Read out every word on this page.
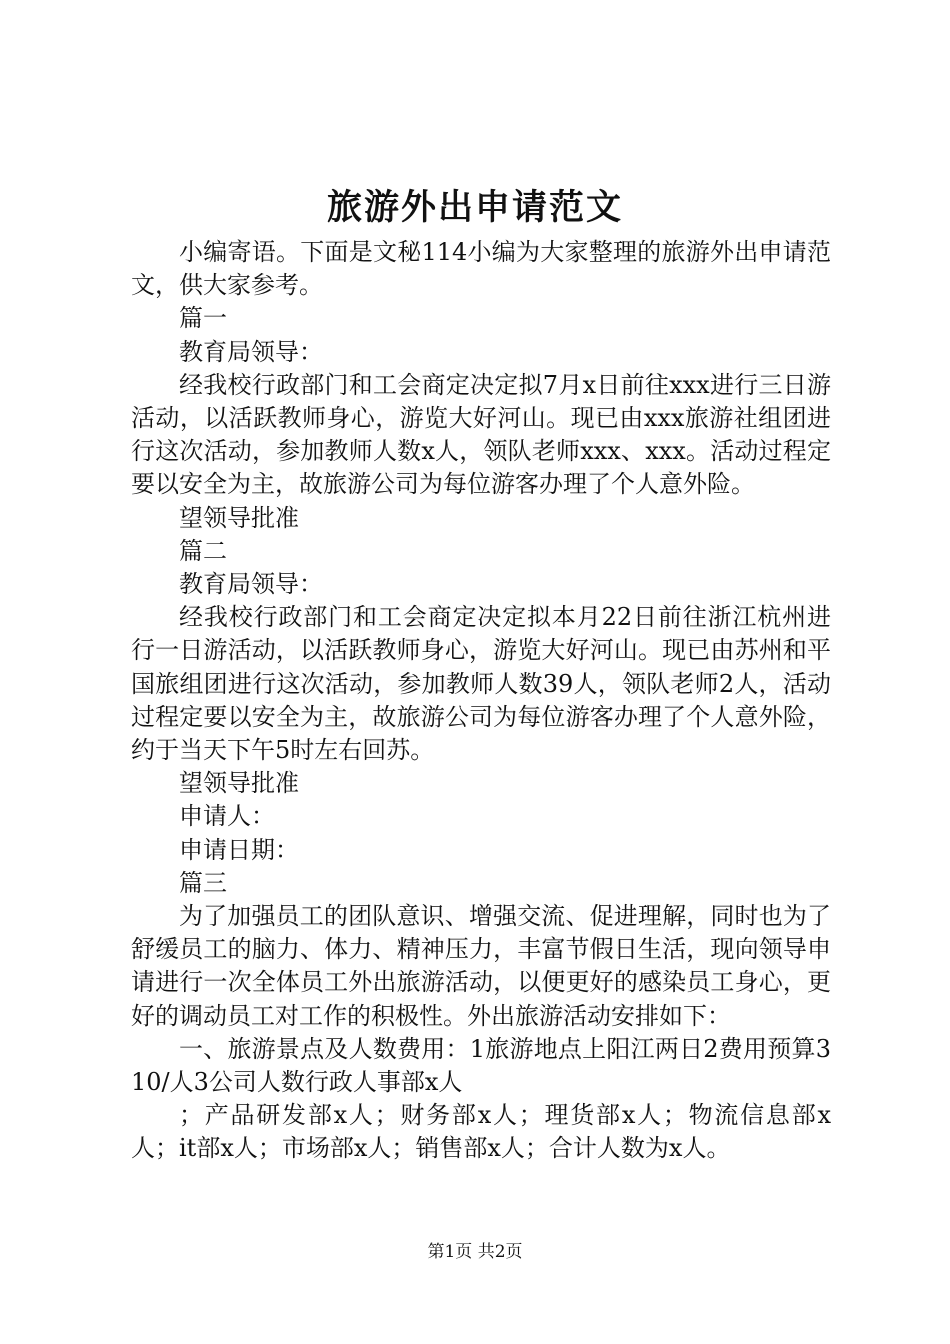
旅游外出申请范文

小编寄语。下面是文秘114小编为大家整理的旅游外出申请范文，供大家参考。

篇一

教育局领导：

经我校行政部门和工会商定决定拟7月x日前往xxx进行三日游活动，以活跃教师身心，游览大好河山。现已由xxx旅游社组团进行这次活动，参加教师人数x人，领队老师xxx、xxx。活动过程定要以安全为主，故旅游公司为每位游客办理了个人意外险。

望领导批准

篇二

教育局领导：

经我校行政部门和工会商定决定拟本月22日前往浙江杭州进行一日游活动，以活跃教师身心，游览大好河山。现已由苏州和平国旅组团进行这次活动，参加教师人数39人，领队老师2人，活动过程定要以安全为主，故旅游公司为每位游客办理了个人意外险，约于当天下午5时左右回苏。

望领导批准

申请人：

申请日期：

篇三

为了加强员工的团队意识、增强交流、促进理解，同时也为了舒缓员工的脑力、体力、精神压力，丰富节假日生活，现向领导申请进行一次全体员工外出旅游活动，以便更好的感染员工身心，更好的调动员工对工作的积极性。外出旅游活动安排如下：

一、旅游景点及人数费用：1旅游地点上阳江两日2费用预算310/人3公司人数行政人事部x人

；产品研发部x人；财务部x人；理货部x人；物流信息部x人；it部x人；市场部x人；销售部x人；合计人数为x人。

第1页 共2页
